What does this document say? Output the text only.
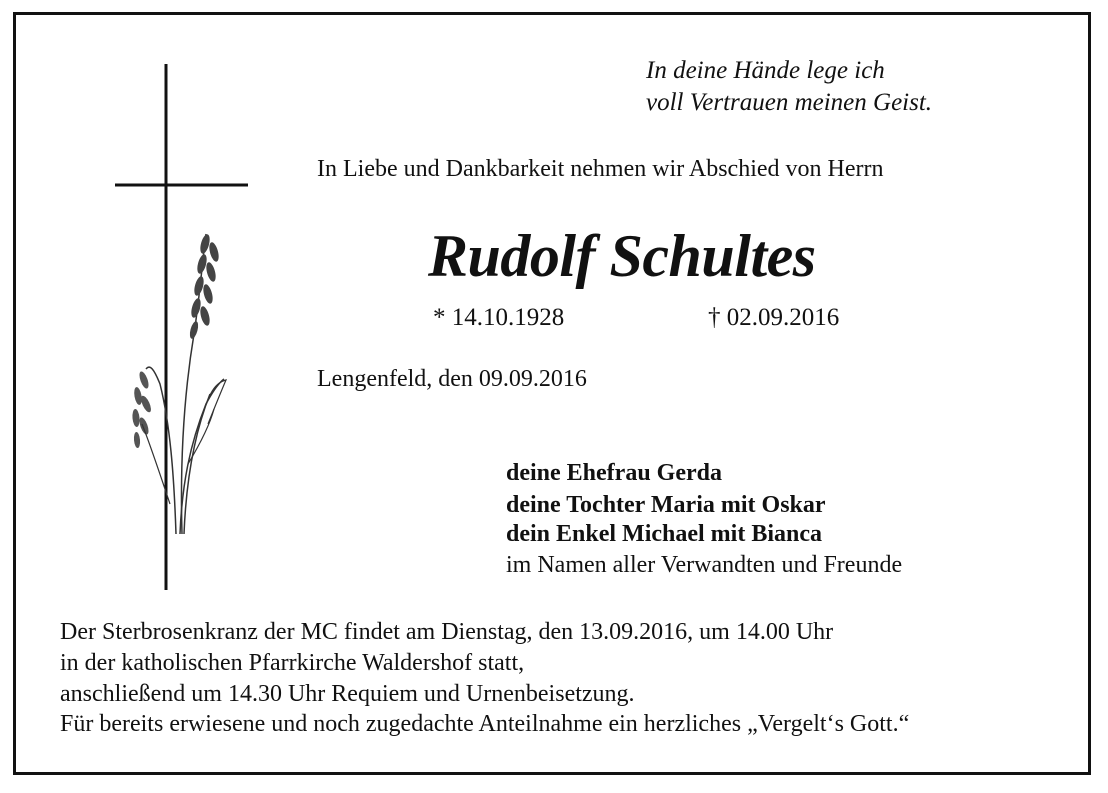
In deine Hände lege ich
voll Vertrauen meinen Geist.
In Liebe und Dankbarkeit nehmen wir Abschied von Herrn
Rudolf Schultes
* 14.10.1928	† 02.09.2016
Lengenfeld, den 09.09.2016
deine Ehefrau Gerda
deine Tochter Maria mit Oskar
dein Enkel Michael mit Bianca
im Namen aller Verwandten und Freunde
Der Sterbrosenkranz der MC findet am Dienstag, den 13.09.2016, um 14.00 Uhr
in der katholischen Pfarrkirche Waldershof statt,
anschließend um 14.30 Uhr Requiem und Urnenbeisetzung.
Für bereits erwiesene und noch zugedachte Anteilnahme ein herzliches „Vergelt‘s Gott.“
